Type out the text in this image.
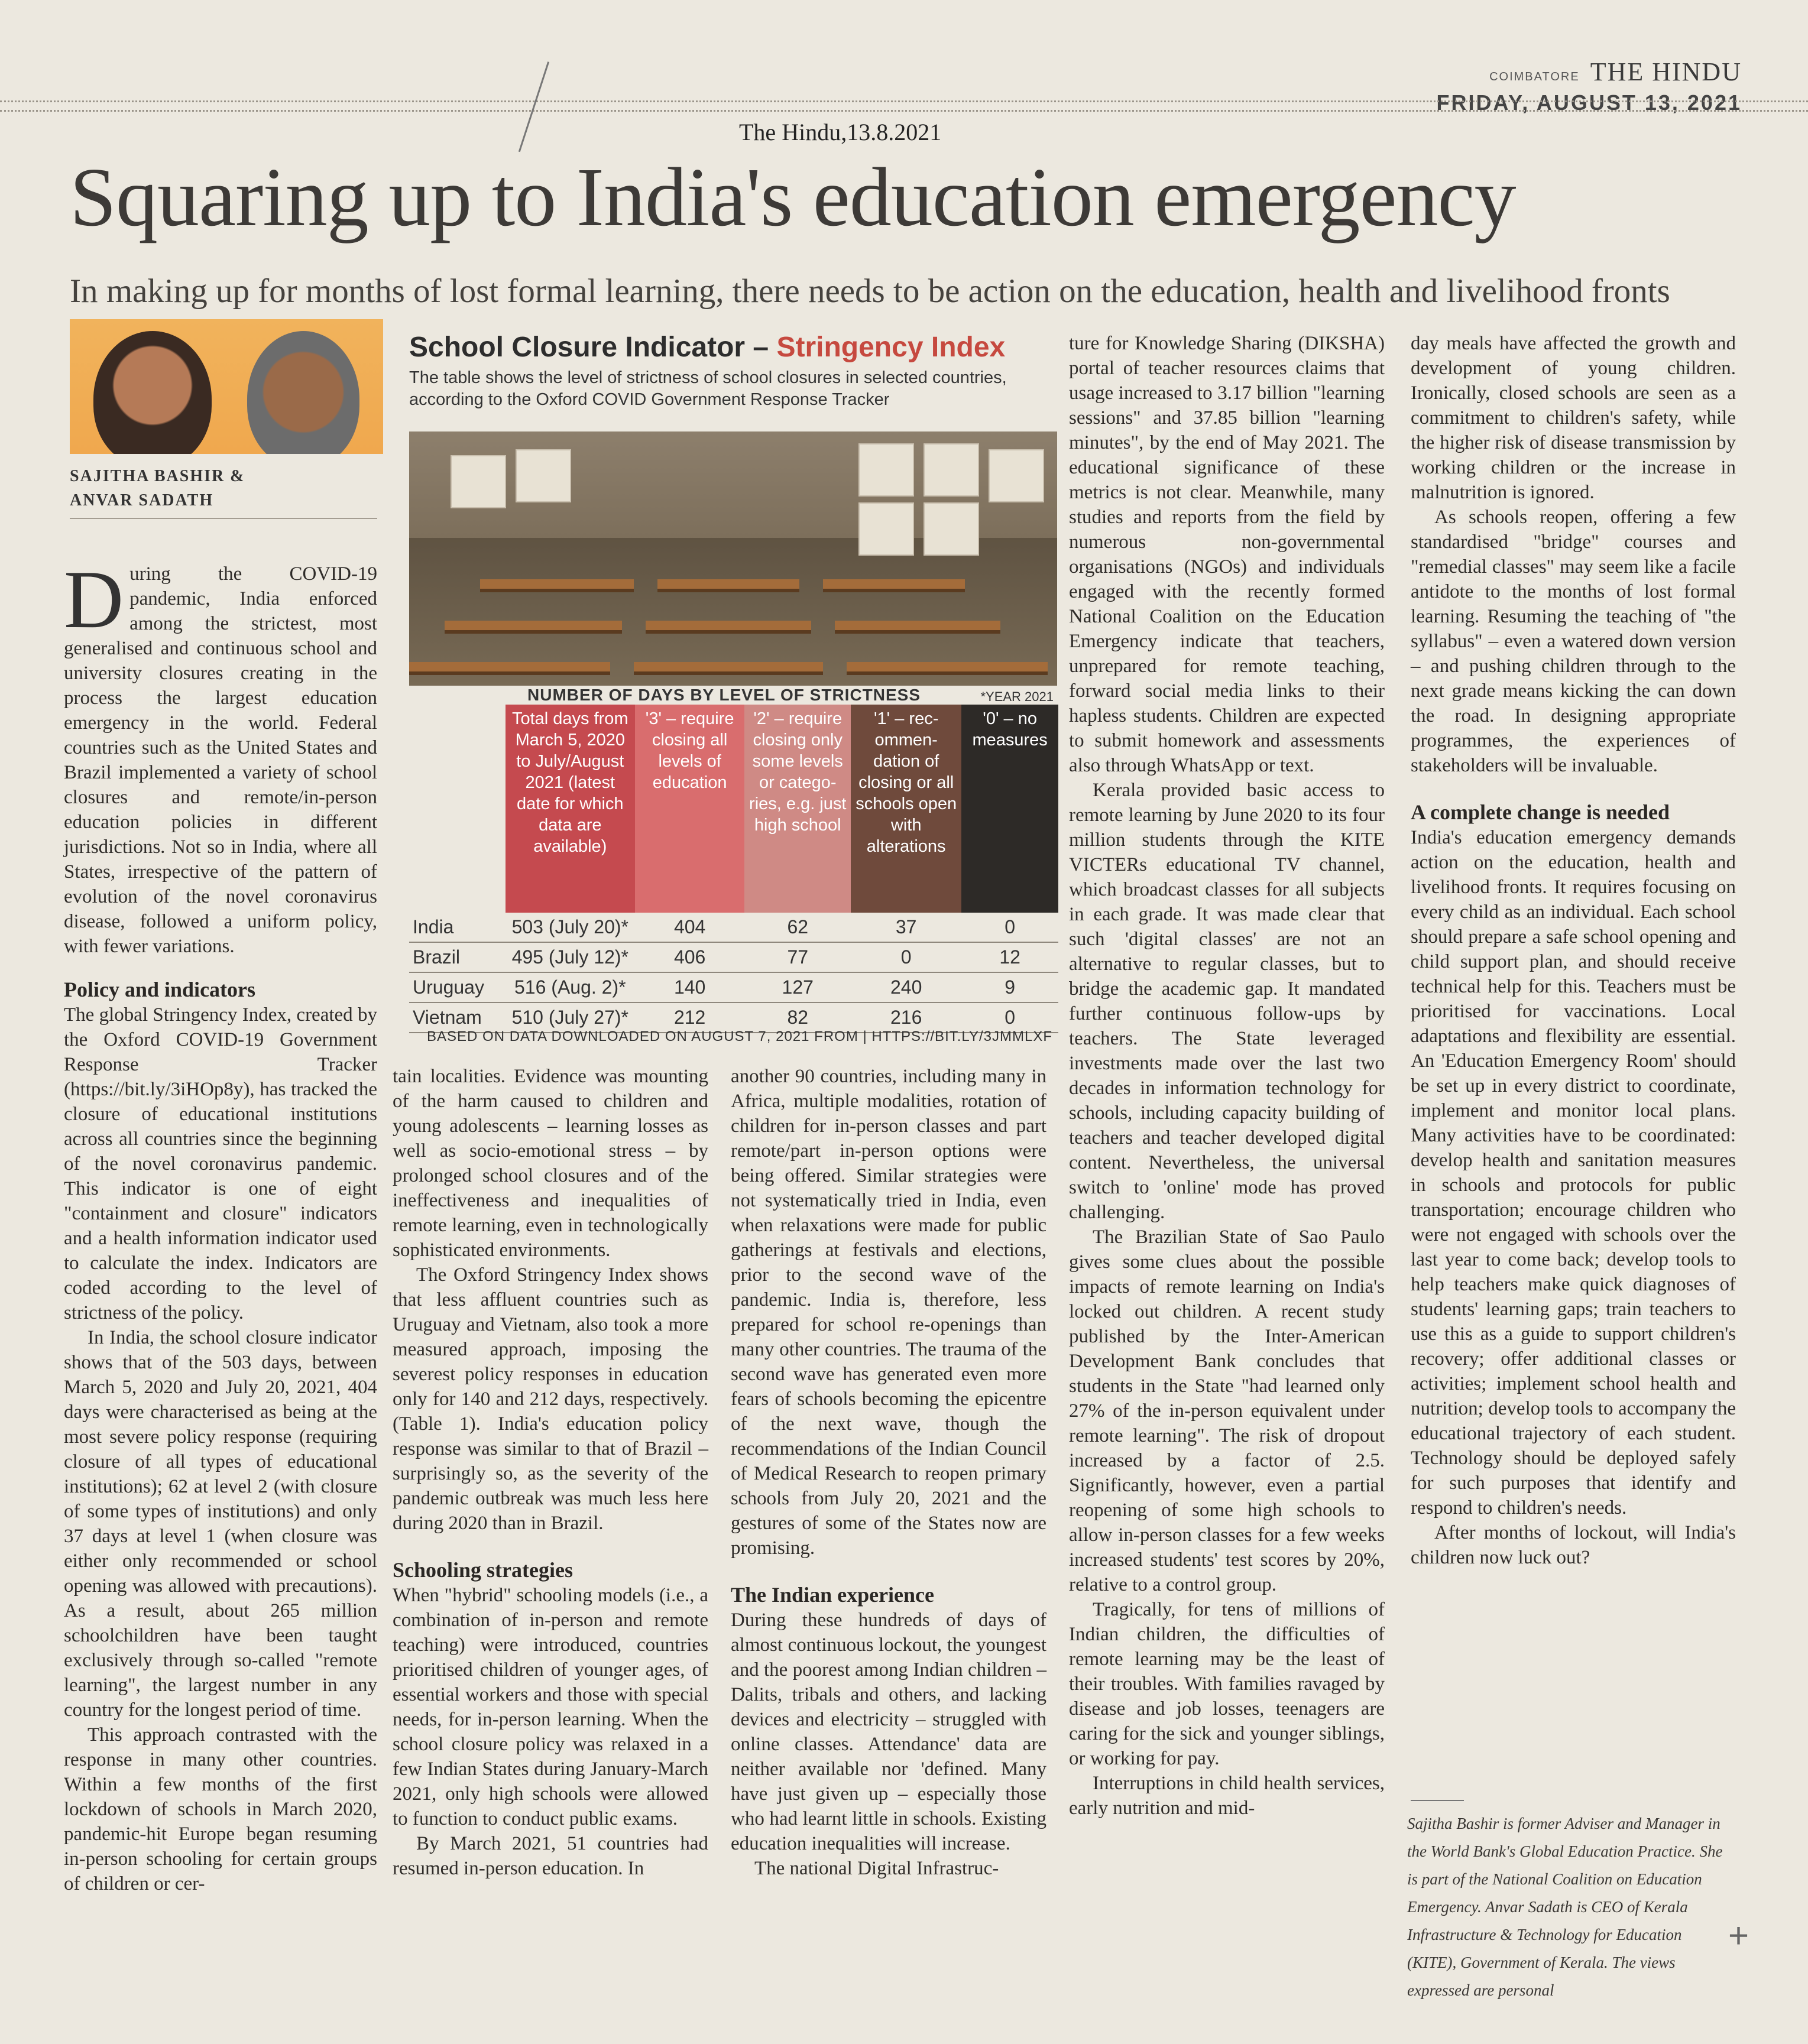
COIMBATORE THE HINDU
FRIDAY, AUGUST 13, 2021
The Hindu,13.8.2021
Squaring up to India's education emergency
In making up for months of lost formal learning, there needs to be action on the education, health and livelihood fronts
SAJITHA BASHIR &
ANVAR SADATH

During the COVID-19 pandemic, India enforced among the strictest, most generalised and continuous school and university closures creating in the process the largest education emergency in the world. Federal countries such as the United States and Brazil implemented a variety of school closures and remote/in-person education policies in different jurisdictions. Not so in India, where all States, irrespective of the pattern of evolution of the novel coronavirus disease, followed a uniform policy, with fewer variations.

Policy and indicators

The global Stringency Index, created by the Oxford COVID-19 Government Response Tracker (https://bit.ly/3iHOp8y), has tracked the closure of educational institutions across all countries since the beginning of the novel coronavirus pandemic. This indicator is one of eight "containment and closure" indicators and a health information indicator used to calculate the index. Indicators are coded according to the level of strictness of the policy.

In India, the school closure indicator shows that of the 503 days, between March 5, 2020 and July 20, 2021, 404 days were characterised as being at the most severe policy response (requiring closure of all types of educational institutions); 62 at level 2 (with closure of some types of institutions) and only 37 days at level 1 (when closure was either only recommended or school opening was allowed with precautions). As a result, about 265 million schoolchildren have been taught exclusively through so-called "remote learning", the largest number in any country for the longest period of time.

This approach contrasted with the response in many other countries. Within a few months of the first lockdown of schools in March 2020, pandemic-hit Europe began resuming in-person schooling for certain groups of children or cer-

School Closure Indicator – Stringency Index
The table shows the level of strictness of school closures in selected countries, according to the Oxford COVID Government Response Tracker
NUMBER OF DAYS BY LEVEL OF STRICTNESS	*YEAR 2021
	Total days from March 5, 2020 to July/August 2021 (latest date for which data are available)	'3' – require closing all levels of education	'2' – require closing only some levels or catego-ries, e.g. just high school	'1' – rec-ommen-dation of closing or all schools open with alterations	'0' – no measures
India	503 (July 20)*	404	62	37	0
Brazil	495 (July 12)*	406	77	0	12
Uruguay	516 (Aug. 2)*	140	127	240	9
Vietnam	510 (July 27)*	212	82	216	0
BASED ON DATA DOWNLOADED ON AUGUST 7, 2021 FROM | HTTPS://BIT.LY/3JMMLXF

tain localities. Evidence was mounting of the harm caused to children and young adolescents – learning losses as well as socio-emotional stress – by prolonged school closures and of the ineffectiveness and inequalities of remote learning, even in technologically sophisticated environments.

The Oxford Stringency Index shows that less affluent countries such as Uruguay and Vietnam, also took a more measured approach, imposing the severest policy responses in education only for 140 and 212 days, respectively. (Table 1). India's education policy response was similar to that of Brazil – surprisingly so, as the severity of the pandemic outbreak was much less here during 2020 than in Brazil.

Schooling strategies

When "hybrid" schooling models (i.e., a combination of in-person and remote teaching) were introduced, countries prioritised children of younger ages, of essential workers and those with special needs, for in-person learning. When the school closure policy was relaxed in a few Indian States during January-March 2021, only high schools were allowed to function to conduct public exams.

By March 2021, 51 countries had resumed in-person education. In

another 90 countries, including many in Africa, multiple modalities, rotation of children for in-person classes and part remote/part in-person options were being offered. Similar strategies were not systematically tried in India, even when relaxations were made for public gatherings at festivals and elections, prior to the second wave of the pandemic. India is, therefore, less prepared for school re-openings than many other countries. The trauma of the second wave has generated even more fears of schools becoming the epicentre of the next wave, though the recommendations of the Indian Council of Medical Research to reopen primary schools from July 20, 2021 and the gestures of some of the States now are promising.

The Indian experience

During these hundreds of days of almost continuous lockout, the youngest and the poorest among Indian children – Dalits, tribals and others, and lacking devices and electricity – struggled with online classes. Attendance' data are neither available nor 'defined. Many have just given up – especially those who had learnt little in schools. Existing education inequalities will increase.

The national Digital Infrastruc-

ture for Knowledge Sharing (DIKSHA) portal of teacher resources claims that usage increased to 3.17 billion "learning sessions" and 37.85 billion "learning minutes", by the end of May 2021. The educational significance of these metrics is not clear. Meanwhile, many studies and reports from the field by numerous non-governmental organisations (NGOs) and individuals engaged with the recently formed National Coalition on the Education Emergency indicate that teachers, unprepared for remote teaching, forward social media links to their hapless students. Children are expected to submit homework and assessments also through WhatsApp or text.

Kerala provided basic access to remote learning by June 2020 to its four million students through the KITE VICTERs educational TV channel, which broadcast classes for all subjects in each grade. It was made clear that such 'digital classes' are not an alternative to regular classes, but to bridge the academic gap. It mandated further continuous follow-ups by teachers. The State leveraged investments made over the last two decades in information technology for schools, including capacity building of teachers and teacher developed digital content. Nevertheless, the universal switch to 'online' mode has proved challenging.

The Brazilian State of Sao Paulo gives some clues about the possible impacts of remote learning on India's locked out children. A recent study published by the Inter-American Development Bank concludes that students in the State "had learned only 27% of the in-person equivalent under remote learning". The risk of dropout increased by a factor of 2.5. Significantly, however, even a partial reopening of some high schools to allow in-person classes for a few weeks increased students' test scores by 20%, relative to a control group.

Tragically, for tens of millions of Indian children, the difficulties of remote learning may be the least of their troubles. With families ravaged by disease and job losses, teenagers are caring for the sick and younger siblings, or working for pay.

Interruptions in child health services, early nutrition and mid-

day meals have affected the growth and development of young children. Ironically, closed schools are seen as a commitment to children's safety, while the higher risk of disease transmission by working children or the increase in malnutrition is ignored.

As schools reopen, offering a few standardised "bridge" courses and "remedial classes" may seem like a facile antidote to the months of lost formal learning. Resuming the teaching of "the syllabus" – even a watered down version – and pushing children through to the next grade means kicking the can down the road. In designing appropriate programmes, the experiences of stakeholders will be invaluable.

A complete change is needed

India's education emergency demands action on the education, health and livelihood fronts. It requires focusing on every child as an individual. Each school should prepare a safe school opening and child support plan, and should receive technical help for this. Teachers must be prioritised for vaccinations. Local adaptations and flexibility are essential. An 'Education Emergency Room' should be set up in every district to coordinate, implement and monitor local plans. Many activities have to be coordinated: develop health and sanitation measures in schools and protocols for public transportation; encourage children who were not engaged with schools over the last year to come back; develop tools to help teachers make quick diagnoses of students' learning gaps; train teachers to use this as a guide to support children's recovery; offer additional classes or activities; implement school health and nutrition; develop tools to accompany the educational trajectory of each student. Technology should be deployed safely for such purposes that identify and respond to children's needs.

After months of lockout, will India's children now luck out?

Sajitha Bashir is former Adviser and Manager in the World Bank's Global Education Practice. She is part of the National Coalition on Education Emergency. Anvar Sadath is CEO of Kerala Infrastructure & Technology for Education (KITE), Government of Kerala. The views expressed are personal
+
